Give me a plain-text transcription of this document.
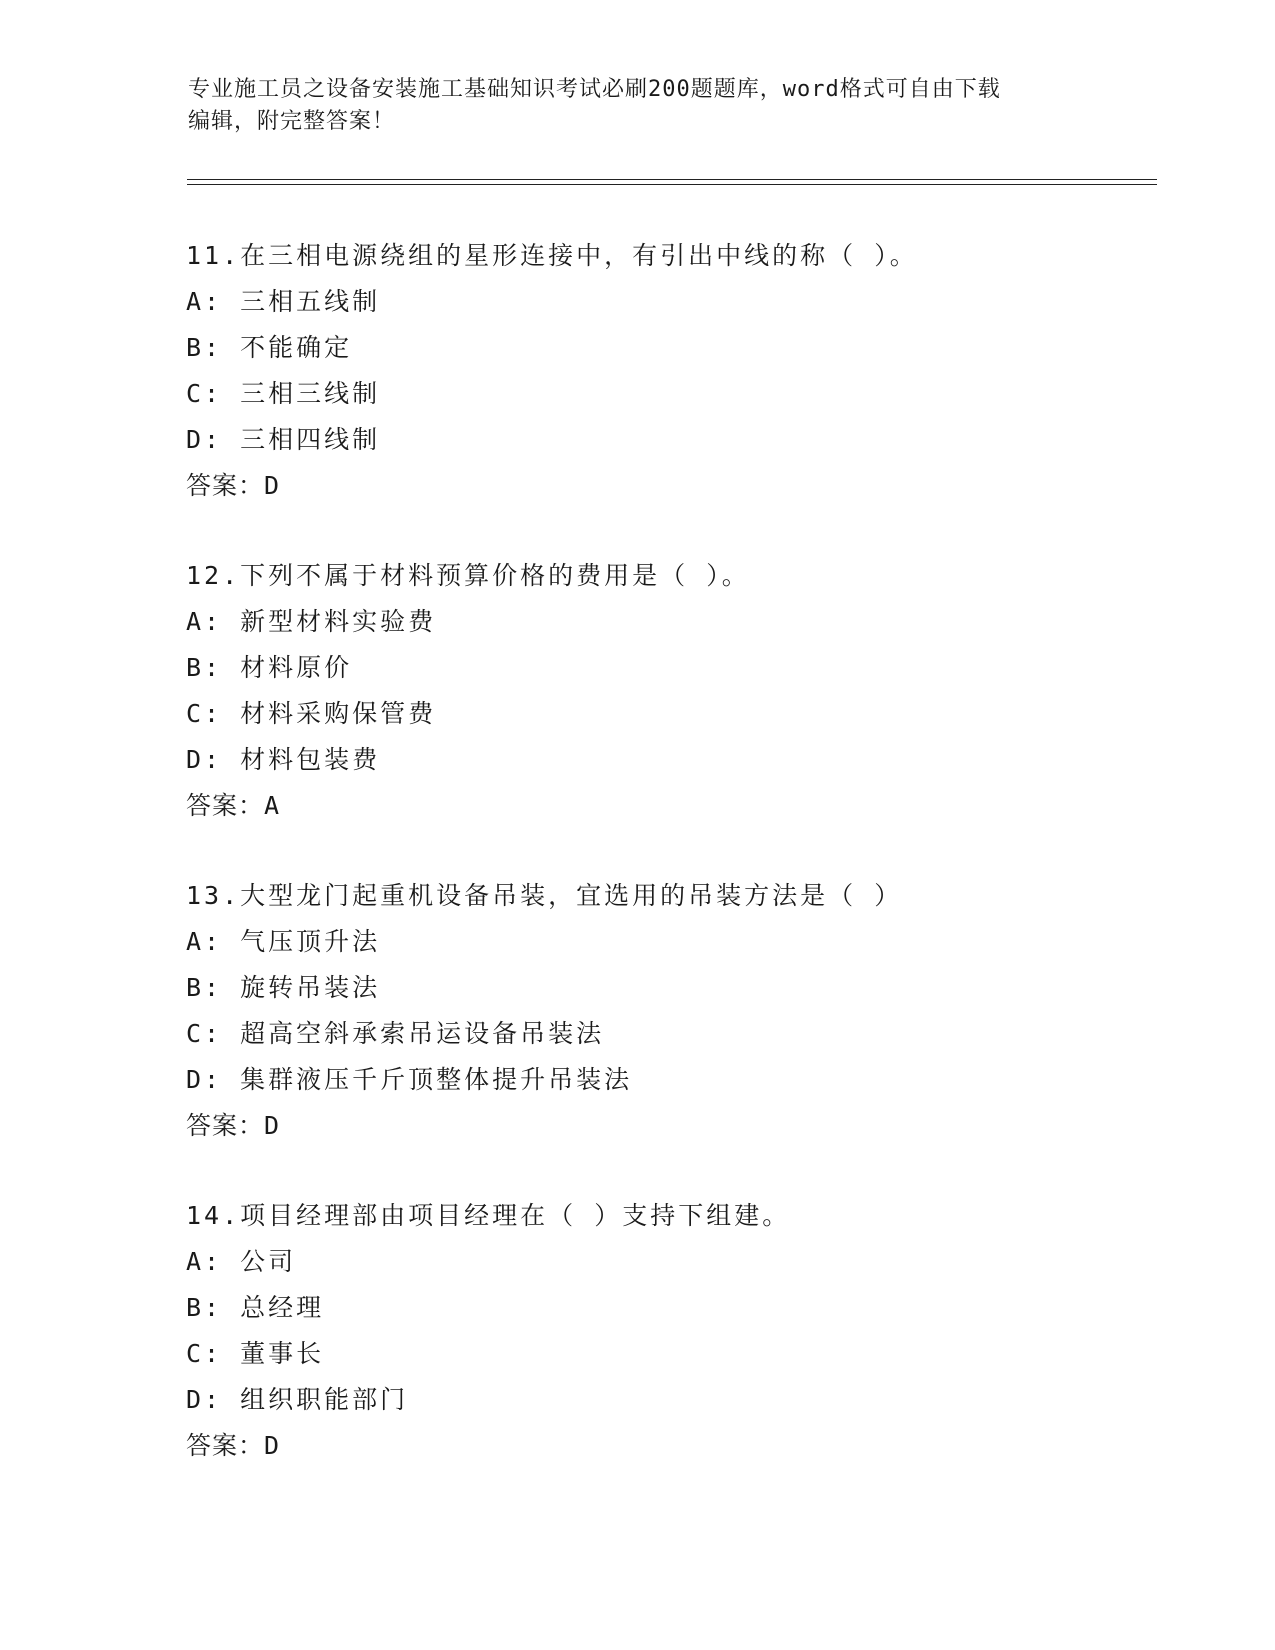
专业施工员之设备安装施工基础知识考试必刷200题题库，word格式可自由下载
编辑，附完整答案！
11.在三相电源绕组的星形连接中，有引出中线的称（ ）。
A: 三相五线制
B: 不能确定
C: 三相三线制
D: 三相四线制
答案：D
12.下列不属于材料预算价格的费用是（ ）。
A: 新型材料实验费
B: 材料原价
C: 材料采购保管费
D: 材料包装费
答案：A
13.大型龙门起重机设备吊装，宜选用的吊装方法是（ ）
A: 气压顶升法
B: 旋转吊装法
C: 超高空斜承索吊运设备吊装法
D: 集群液压千斤顶整体提升吊装法
答案：D
14.项目经理部由项目经理在（ ）支持下组建。
A: 公司
B: 总经理
C: 董事长
D: 组织职能部门
答案：D
